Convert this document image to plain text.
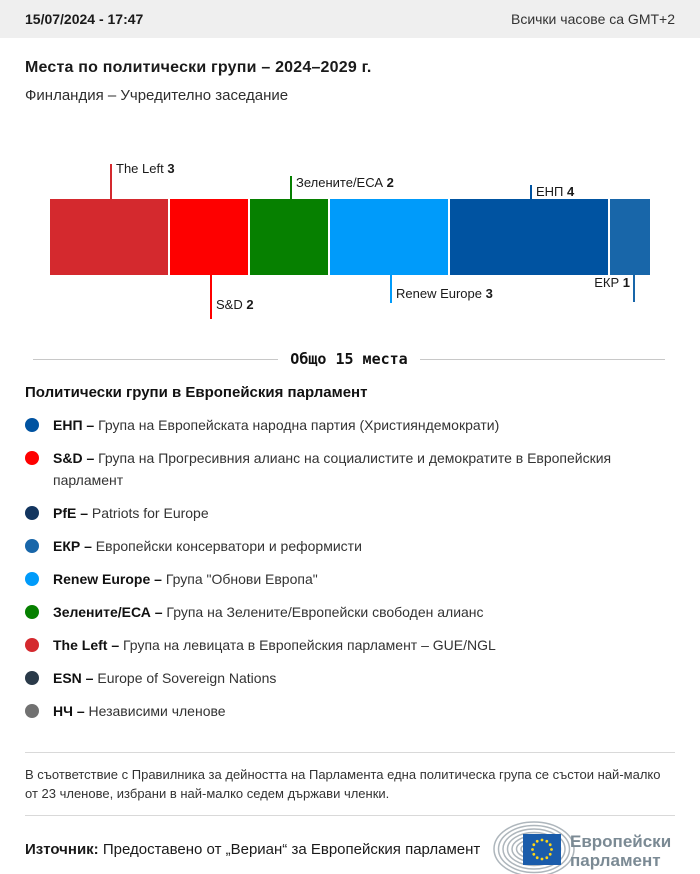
15/07/2024 - 17:47	Всички часове са GMT+2
Места по политически групи – 2024–2029 г.
Финландия – Учредително заседание
The Left 3
S&D 2
Зелените/ЕСА 2
Renew Europe 3
ЕНП 4
ЕКР 1
Общо 15 места
Политически групи в Европейския парламент
ЕНП – Група на Европейската народна партия (Християндемократи)
S&D – Група на Прогресивния алианс на социалистите и демократите в Европейския парламент
PfE – Patriots for Europe
ЕКР – Европейски консерватори и реформисти
Renew Europe – Група "Обнови Европа"
Зелените/ЕСА – Група на Зелените/Европейски свободен алианс
The Left – Група на левицата в Европейския парламент – GUE/NGL
ESN – Europe of Sovereign Nations
НЧ – Независими членове
В съответствие с Правилника за дейността на Парламента една политическа група се състои най-малко от 23 членове, избрани в най-малко седем държави членки.
Източник: Предоставено от „Вериан“ за Европейския парламент	Европейски
парламент
